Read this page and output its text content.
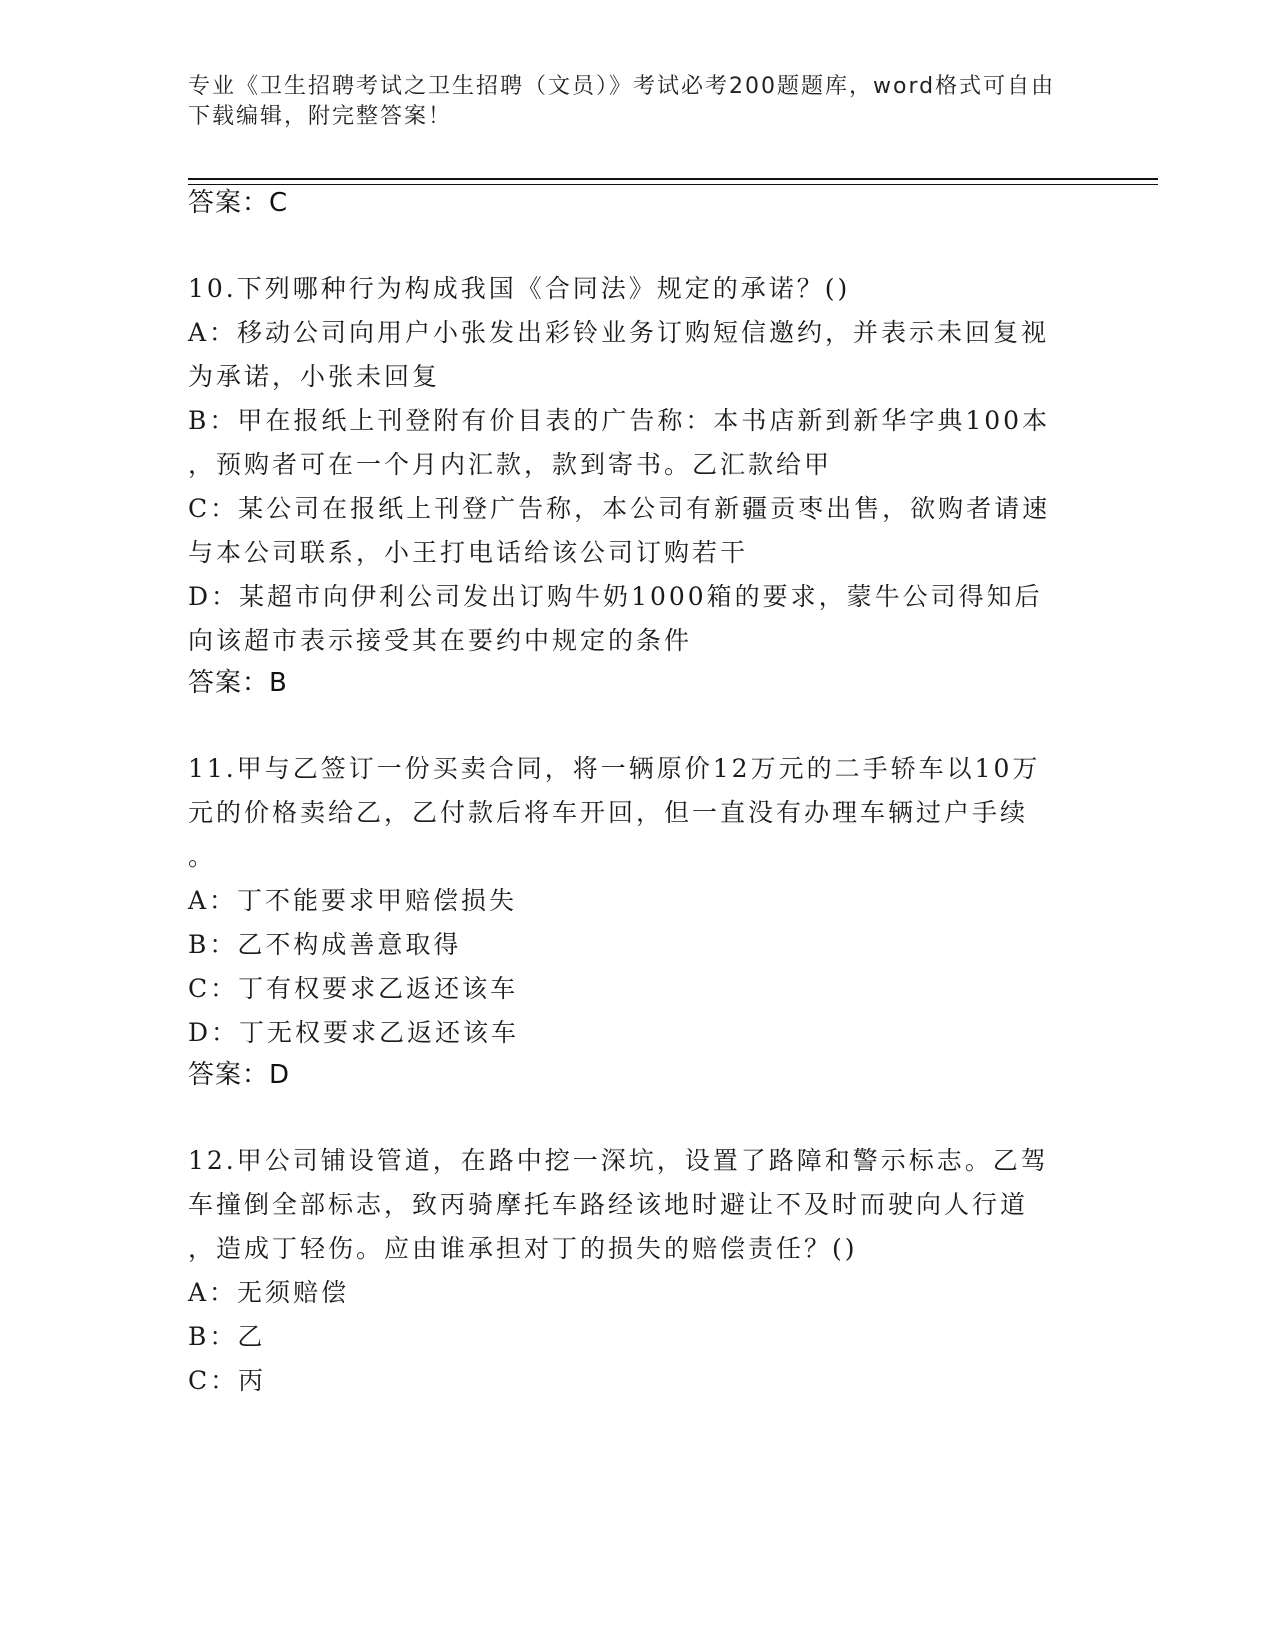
专业《卫生招聘考试之卫生招聘（文员）》考试必考200题题库，word格式可自由下载编辑，附完整答案！
答案：C
10.下列哪种行为构成我国《合同法》规定的承诺？()
A：移动公司向用户小张发出彩铃业务订购短信邀约，并表示未回复视
为承诺，小张未回复
B：甲在报纸上刊登附有价目表的广告称：本书店新到新华字典100本
，预购者可在一个月内汇款，款到寄书。乙汇款给甲
C：某公司在报纸上刊登广告称，本公司有新疆贡枣出售，欲购者请速
与本公司联系，小王打电话给该公司订购若干
D：某超市向伊利公司发出订购牛奶1000箱的要求，蒙牛公司得知后
向该超市表示接受其在要约中规定的条件
答案：B
11.甲与乙签订一份买卖合同，将一辆原价12万元的二手轿车以10万
元的价格卖给乙，乙付款后将车开回，但一直没有办理车辆过户手续
。
A：丁不能要求甲赔偿损失
B：乙不构成善意取得
C：丁有权要求乙返还该车
D：丁无权要求乙返还该车
答案：D
12.甲公司铺设管道，在路中挖一深坑，设置了路障和警示标志。乙驾
车撞倒全部标志，致丙骑摩托车路经该地时避让不及时而驶向人行道
，造成丁轻伤。应由谁承担对丁的损失的赔偿责任？()
A：无须赔偿
B：乙
C：丙
